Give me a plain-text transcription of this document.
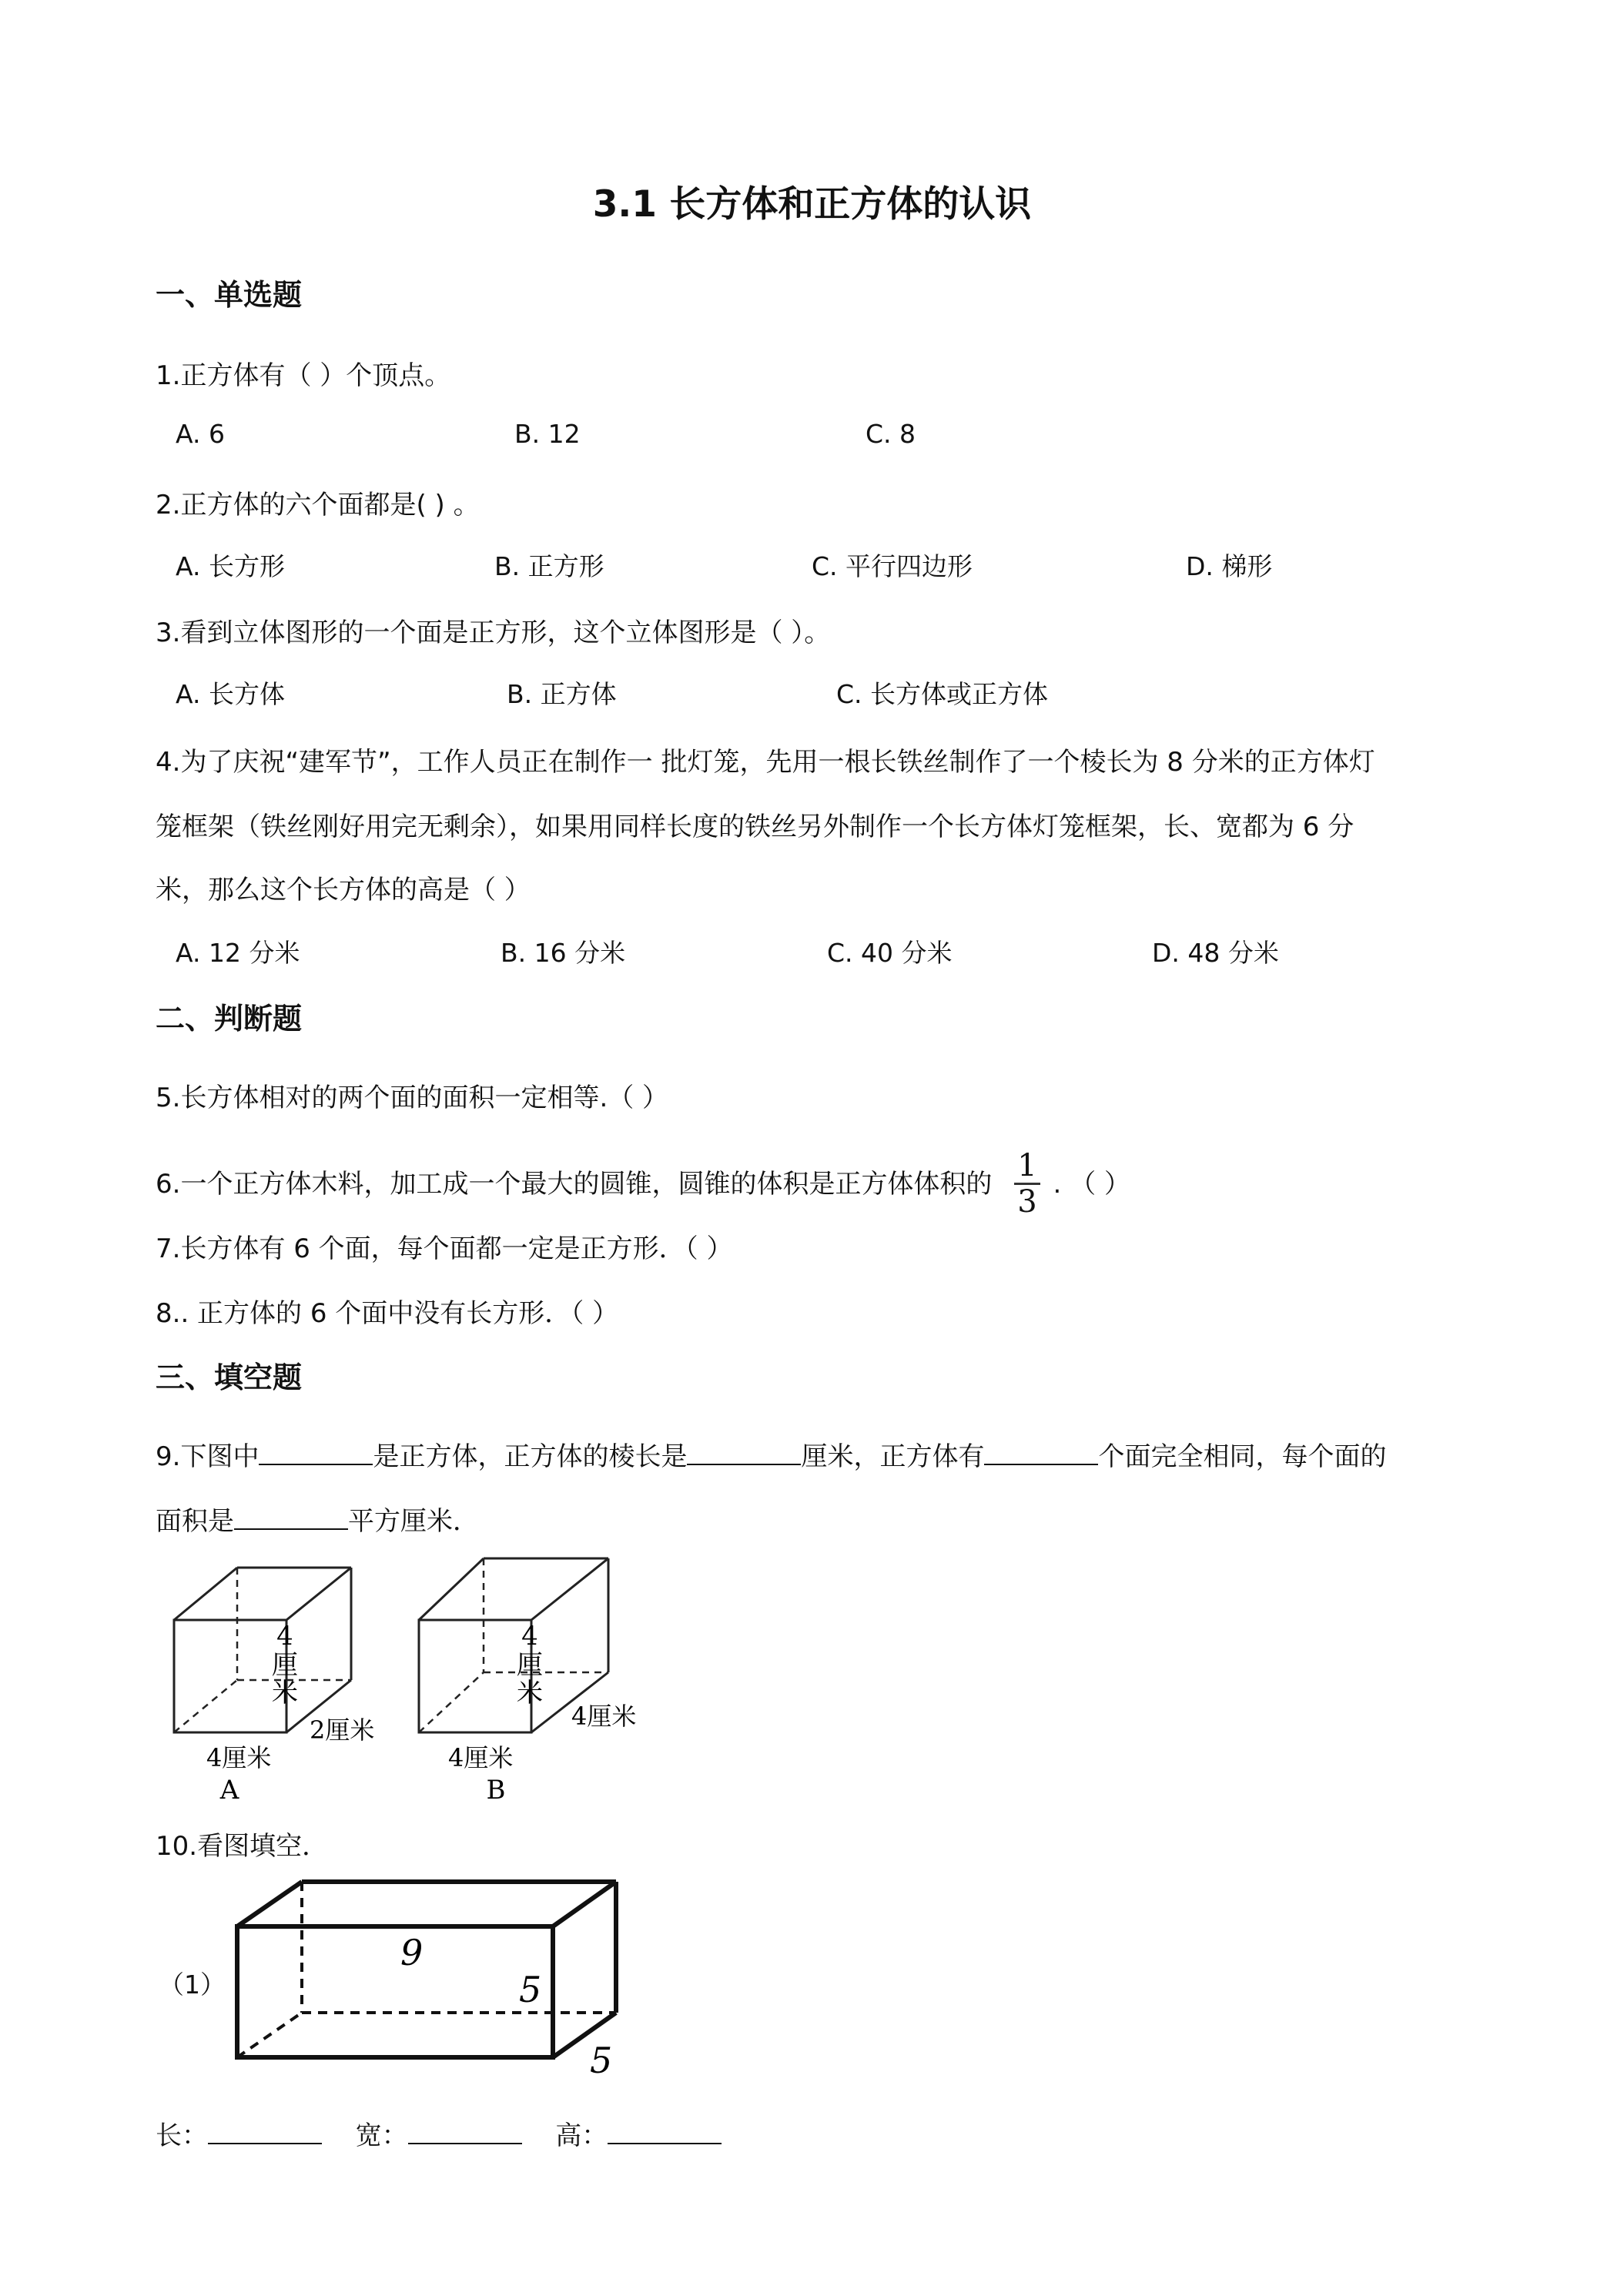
3.1 长方体和正方体的认识
一、单选题
1.正方体有（ ）个顶点。
A. 6	B. 12	C. 8
2.正方体的六个面都是( ) 。
A. 长方形	B. 正方形	C. 平行四边形	D. 梯形
3.看到立体图形的一个面是正方形，这个立体图形是（ ）。
A. 长方体	B. 正方体	C. 长方体或正方体
4.为了庆祝“建军节”，工作人员正在制作一 批灯笼，先用一根长铁丝制作了一个棱长为 8 分米的正方体灯
笼框架（铁丝刚好用完无剩余），如果用同样长度的铁丝另外制作一个长方体灯笼框架，长、宽都为 6 分
米，那么这个长方体的高是（ ）
A. 12 分米	B. 16 分米	C. 40 分米	D. 48 分米
二、判断题
5.长方体相对的两个面的面积一定相等.（ ）
6.一个正方体木料，加工成一个最大的圆锥，圆锥的体积是正方体体积的 $\frac{1}{3}$ . （ ）
7.长方体有 6 个面，每个面都一定是正方形．（ ）
8.. 正方体的 6 个面中没有长方形．（ ）
三、填空题
9.下图中	是正方体，正方体的棱长是	厘米，正方体有	个面完全相同，每个面的
面积是	平方厘米．
4
厘
米
2厘米
4厘米
A
4
厘
米
4厘米
4厘米
B
10.看图填空．
（1）
9
5
5
长：	宽：	高：
